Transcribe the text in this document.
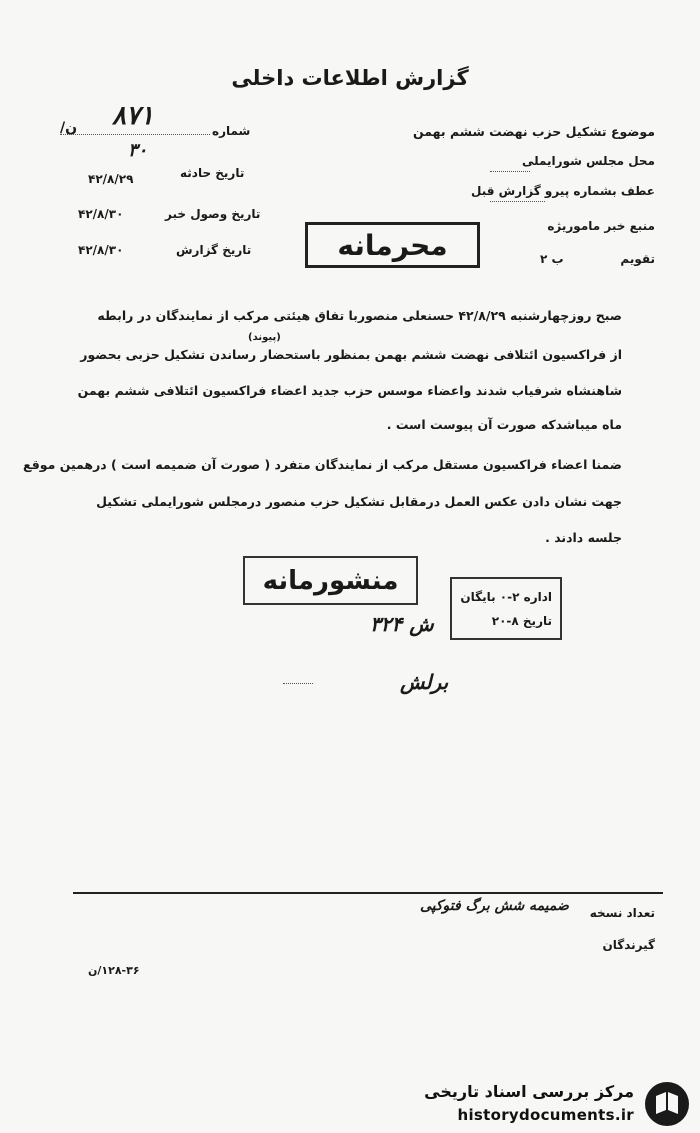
گزارش اطلاعات داخلی
موضوع تشکیل حزب نهضت ششم بهمن
محل مجلس شورایملی
عطف بشماره پیرو گزارش قبل
منبع خبر ماموریژه
تقویم
ب ۲
شماره
۸۷۱
ن/
۳۰
تاریخ حادثه
۴۲/۸/۲۹
تاریخ وصول خبر
۴۲/۸/۳۰
تاریخ گزارش
۴۲/۸/۳۰	محرمانه
صبح روزچهارشنبه ۴۲/۸/۲۹ حسنعلی منصوربا تفاق هیئتی مرکب از نمایندگان در رابطه
(پیوند)
از فراکسیون ائتلافی نهضت ششم بهمن بمنظور باستحضار رساندن تشکیل حزبی بحضور
شاهنشاه شرفیاب شدند واعضاء موسس حزب جدید اعضاء فراکسیون ائتلافی ششم بهمن
ماه میباشدکه صورت آن پیوست است .
ضمنا اعضاء فراکسیون مستقل مرکب از نمایندگان متفرد ( صورت آن ضمیمه است ) درهمین موقع
جهت نشان دادن عکس العمل درمقابل تشکیل حزب منصور درمجلس شورایملی تشکیل
جلسه دادند .
منشورمانه
اداره ۲-۰ بایگان
تاریخ ۸-۲۰
ش ۳۲۴
برلش
تعداد نسخه
ضمیمه شش برگ فتوکپی
گیرندگان
۱۲۸-۳۶/ن
مرکز بررسی اسناد تاریخی
historydocuments.ir
